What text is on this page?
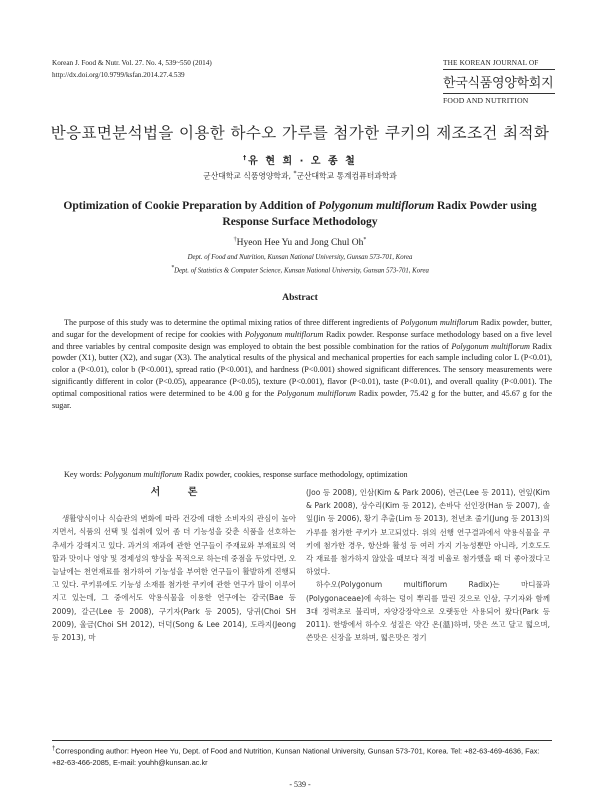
Korean J. Food & Nutr. Vol. 27. No. 4, 539~550 (2014)
http://dx.doi.org/10.9799/ksfan.2014.27.4.539
THE KOREAN JOURNAL OF
한국식품영양학회지
FOOD AND NUTRITION
반응표면분석법을 이용한 하수오 가루를 첨가한 쿠키의 제조조건 최적화
†유 현 희 · 오 종 철
군산대학교 식품영양학과, *군산대학교 통계컴퓨터과학과
Optimization of Cookie Preparation by Addition of Polygonum multiflorum Radix Powder using Response Surface Methodology
†Hyeon Hee Yu and Jong Chul Oh*
Dept. of Food and Nutrition, Kunsan National University, Gunsan 573-701, Korea
*Dept. of Statistics & Computer Science, Kunsan National University, Gunsan 573-701, Korea
Abstract

The purpose of this study was to determine the optimal mixing ratios of three different ingredients of Polygonum multiflorum Radix powder, butter, and sugar for the development of recipe for cookies with Polygonum multiflorum Radix powder. Response surface methodology based on a five level and three variables by central composite design was employed to obtain the best possible combination for the ratios of Polygonum multiflorum Radix powder (X1), butter (X2), and sugar (X3). The analytical results of the physical and mechanical properties for each sample including color L (P<0.01), color a (P<0.01), color b (P<0.001), spread ratio (P<0.001), and hardness (P<0.001) showed significant differences. The sensory measurements were significantly different in color (P<0.05), appearance (P<0.05), texture (P<0.001), flavor (P<0.01), taste (P<0.01), and overall quality (P<0.001). The optimal compositional ratios were determined to be 4.00 g for the Polygonum multiflorum Radix powder, 75.42 g for the butter, and 45.67 g for the sugar.

Key words: Polygonum multiflorum Radix powder, cookies, response surface methodology, optimization
서 론

생활양식이나 식습관의 변화에 따라 건강에 대한 소비자의 관심이 높아지면서, 식품의 선택 및 섭취에 있어 좀 더 기능성을 갖춘 식품을 선호하는 추세가 강해지고 있다. 과거의 재과에 관한 연구들이 주재료와 부재료의 역할과 맛이나 영양 및 경제성의 향상을 목적으로 하는데 중점을 두었다면, 오늘날에는 천연재료를 첨가하여 기능성을 부여한 연구들이 활발하게 진행되고 있다. 쿠키류에도 기능성 소재를 첨가한 쿠키에 관한 연구가 많이 이루어지고 있는데, 그 중에서도 약용식물을 이용한 연구에는 감국(Bae 등 2009), 갈근(Lee 등 2008), 구기자(Park 등 2005), 당귀(Choi SH 2009), 울금(Choi SH 2012), 더덕(Song & Lee 2014), 도라지(Jeong 등 2013), 마

(Joo 등 2008), 인삼(Kim & Park 2006), 연근(Lee 등 2011), 연잎(Kim & Park 2008), 상수리(Kim 등 2012), 손바닥 선인장(Han 등 2007), 솔잎(Jin 등 2006), 황기 추출(Lim 등 2013), 천년초 줄기(Jung 등 2013)의 가루를 첨가한 쿠키가 보고되었다. 위의 선행 연구결과에서 약용식물을 쿠키에 첨가한 경우, 항산화 활성 등 여러 가지 기능성뿐만 아니라, 기호도도 각 재료를 첨가하지 않았을 때보다 적정 비율로 첨가했을 때 더 좋아졌다고 하였다.

하수오(Polygonum multiflorum Radix)는 마디풀과(Polygonaceae)에 속하는 덩이 뿌리를 말린 것으로 인삼, 구기자와 함께 3대 정력초로 불리며, 자양강장약으로 오랫동안 사용되어 왔다(Park 등 2011). 한방에서 하수오 성질은 약간 온(溫)하며, 맛은 쓰고 달고 떫으며, 쓴맛은 신장을 보하며, 떫은맛은 정기

†Corresponding author: Hyeon Hee Yu, Dept. of Food and Nutrition, Kunsan National University, Gunsan 573-701, Korea. Tel: +82-63-469-4636, Fax: +82-63-466-2085, E-mail: youhh@kunsan.ac.kr
- 539 -
